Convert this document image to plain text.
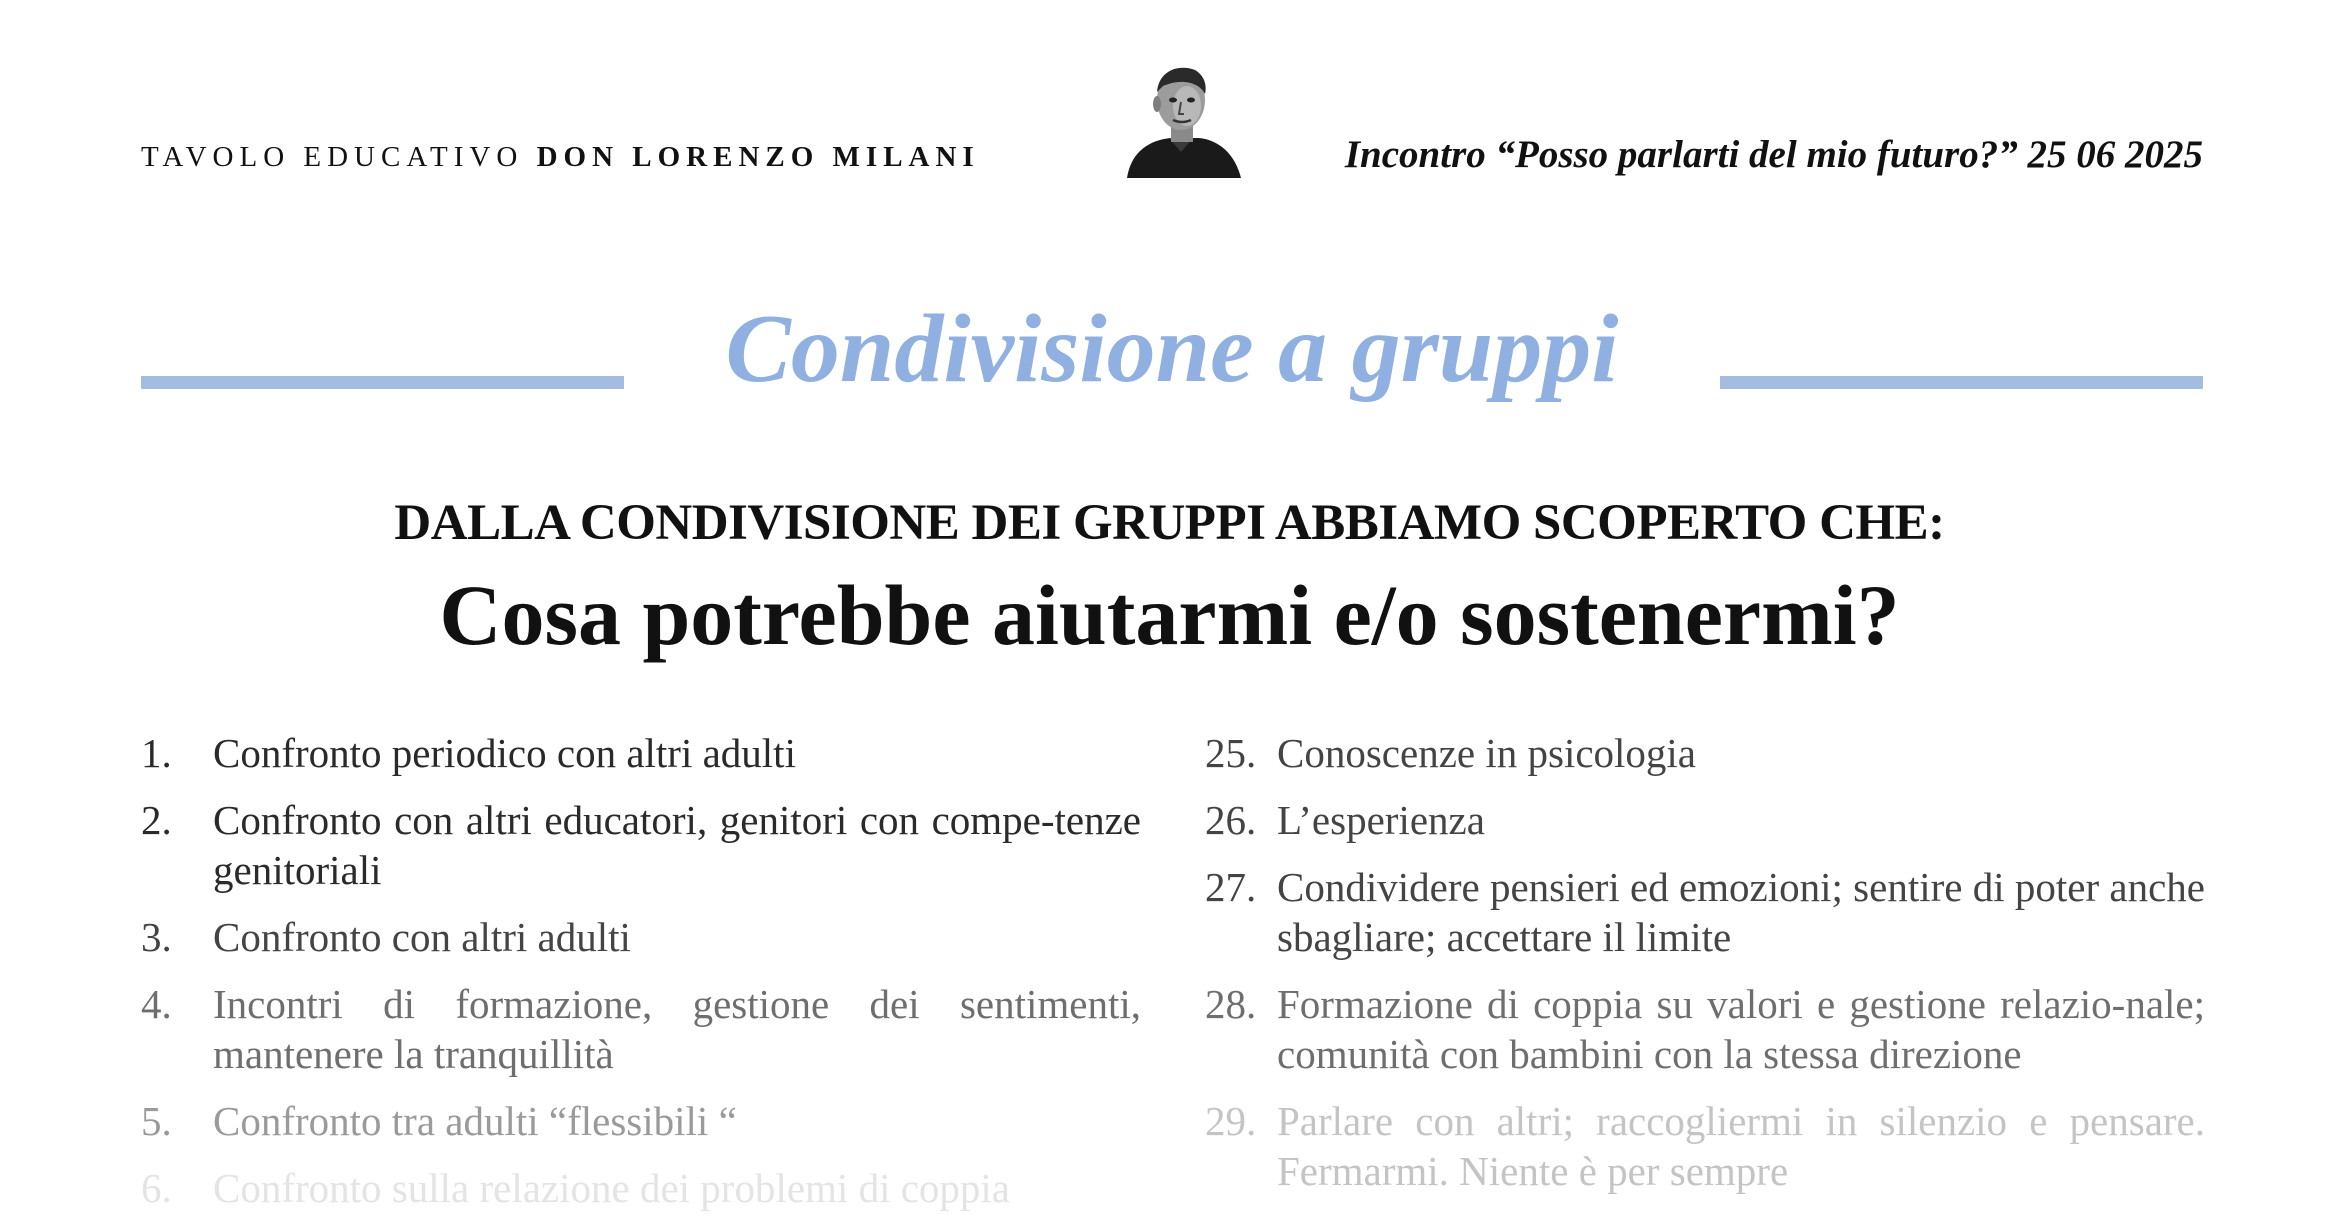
TAVOLO EDUCATIVO DON LORENZO MILANI	Incontro “Posso parlarti del mio futuro?” 25 06 2025
Condivisione a gruppi
DALLA CONDIVISIONE DEI GRUPPI ABBIAMO SCOPERTO CHE:
Cosa potrebbe aiutarmi e/o sostenermi?
1. Confronto periodico con altri adulti
2. Confronto con altri educatori, genitori con compe-tenze genitoriali
3. Confronto con altri adulti
4. Incontri di formazione, gestione dei sentimenti, mantenere la tranquillità
5. Confronto tra adulti “flessibili “
6. Confronto sulla relazione dei problemi di coppia
25. Conoscenze in psicologia
26. L’esperienza
27. Condividere pensieri ed emozioni; sentire di poter anche sbagliare; accettare il limite
28. Formazione di coppia su valori e gestione relazio-nale; comunità con bambini con la stessa direzione
29. Parlare con altri; raccogliermi in silenzio e pensare. Fermarmi. Niente è per sempre
